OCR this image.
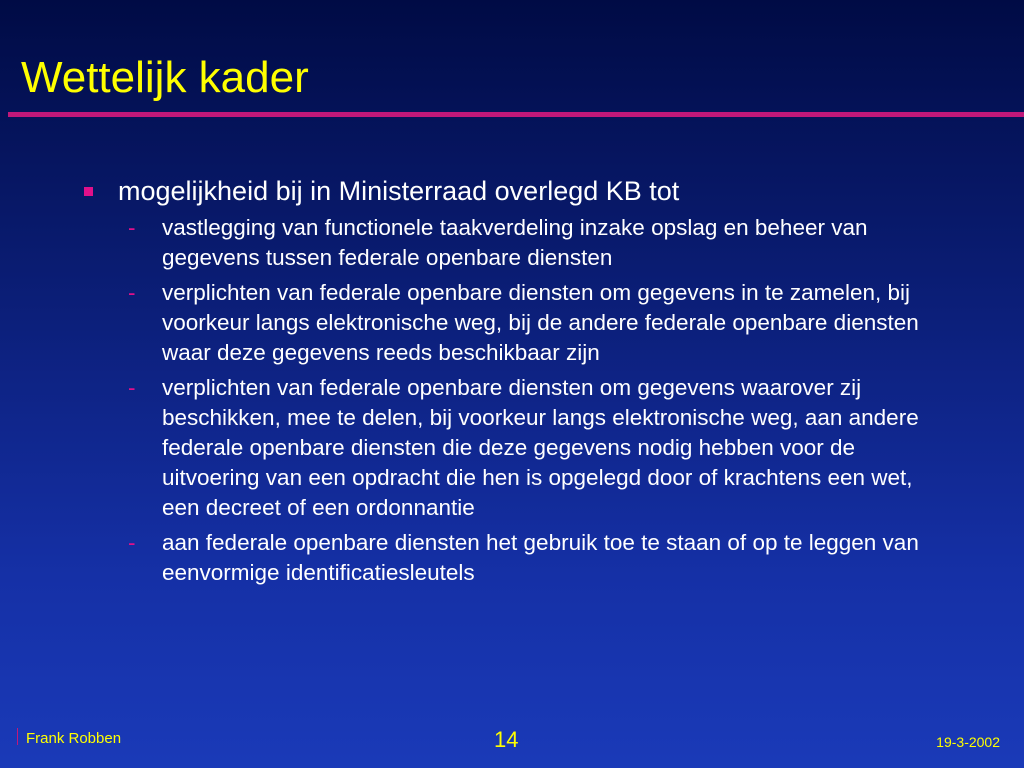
Wettelijk kader
mogelijkheid bij in Ministerraad overlegd KB tot
- vastlegging van functionele taakverdeling inzake opslag en beheer van gegevens tussen federale openbare diensten
- verplichten van federale openbare diensten om gegevens in te zamelen, bij voorkeur langs elektronische weg, bij de andere federale openbare diensten waar deze gegevens reeds beschikbaar zijn
- verplichten van federale openbare diensten om gegevens waarover zij beschikken, mee te delen, bij voorkeur langs elektronische weg, aan andere federale openbare diensten die deze gegevens nodig hebben voor de uitvoering van een opdracht die hen is opgelegd door of krachtens een wet, een decreet of een ordonnantie
- aan federale openbare diensten het gebruik toe te staan of op te leggen van eenvormige identificatiesleutels
Frank Robben	14	19-3-2002
